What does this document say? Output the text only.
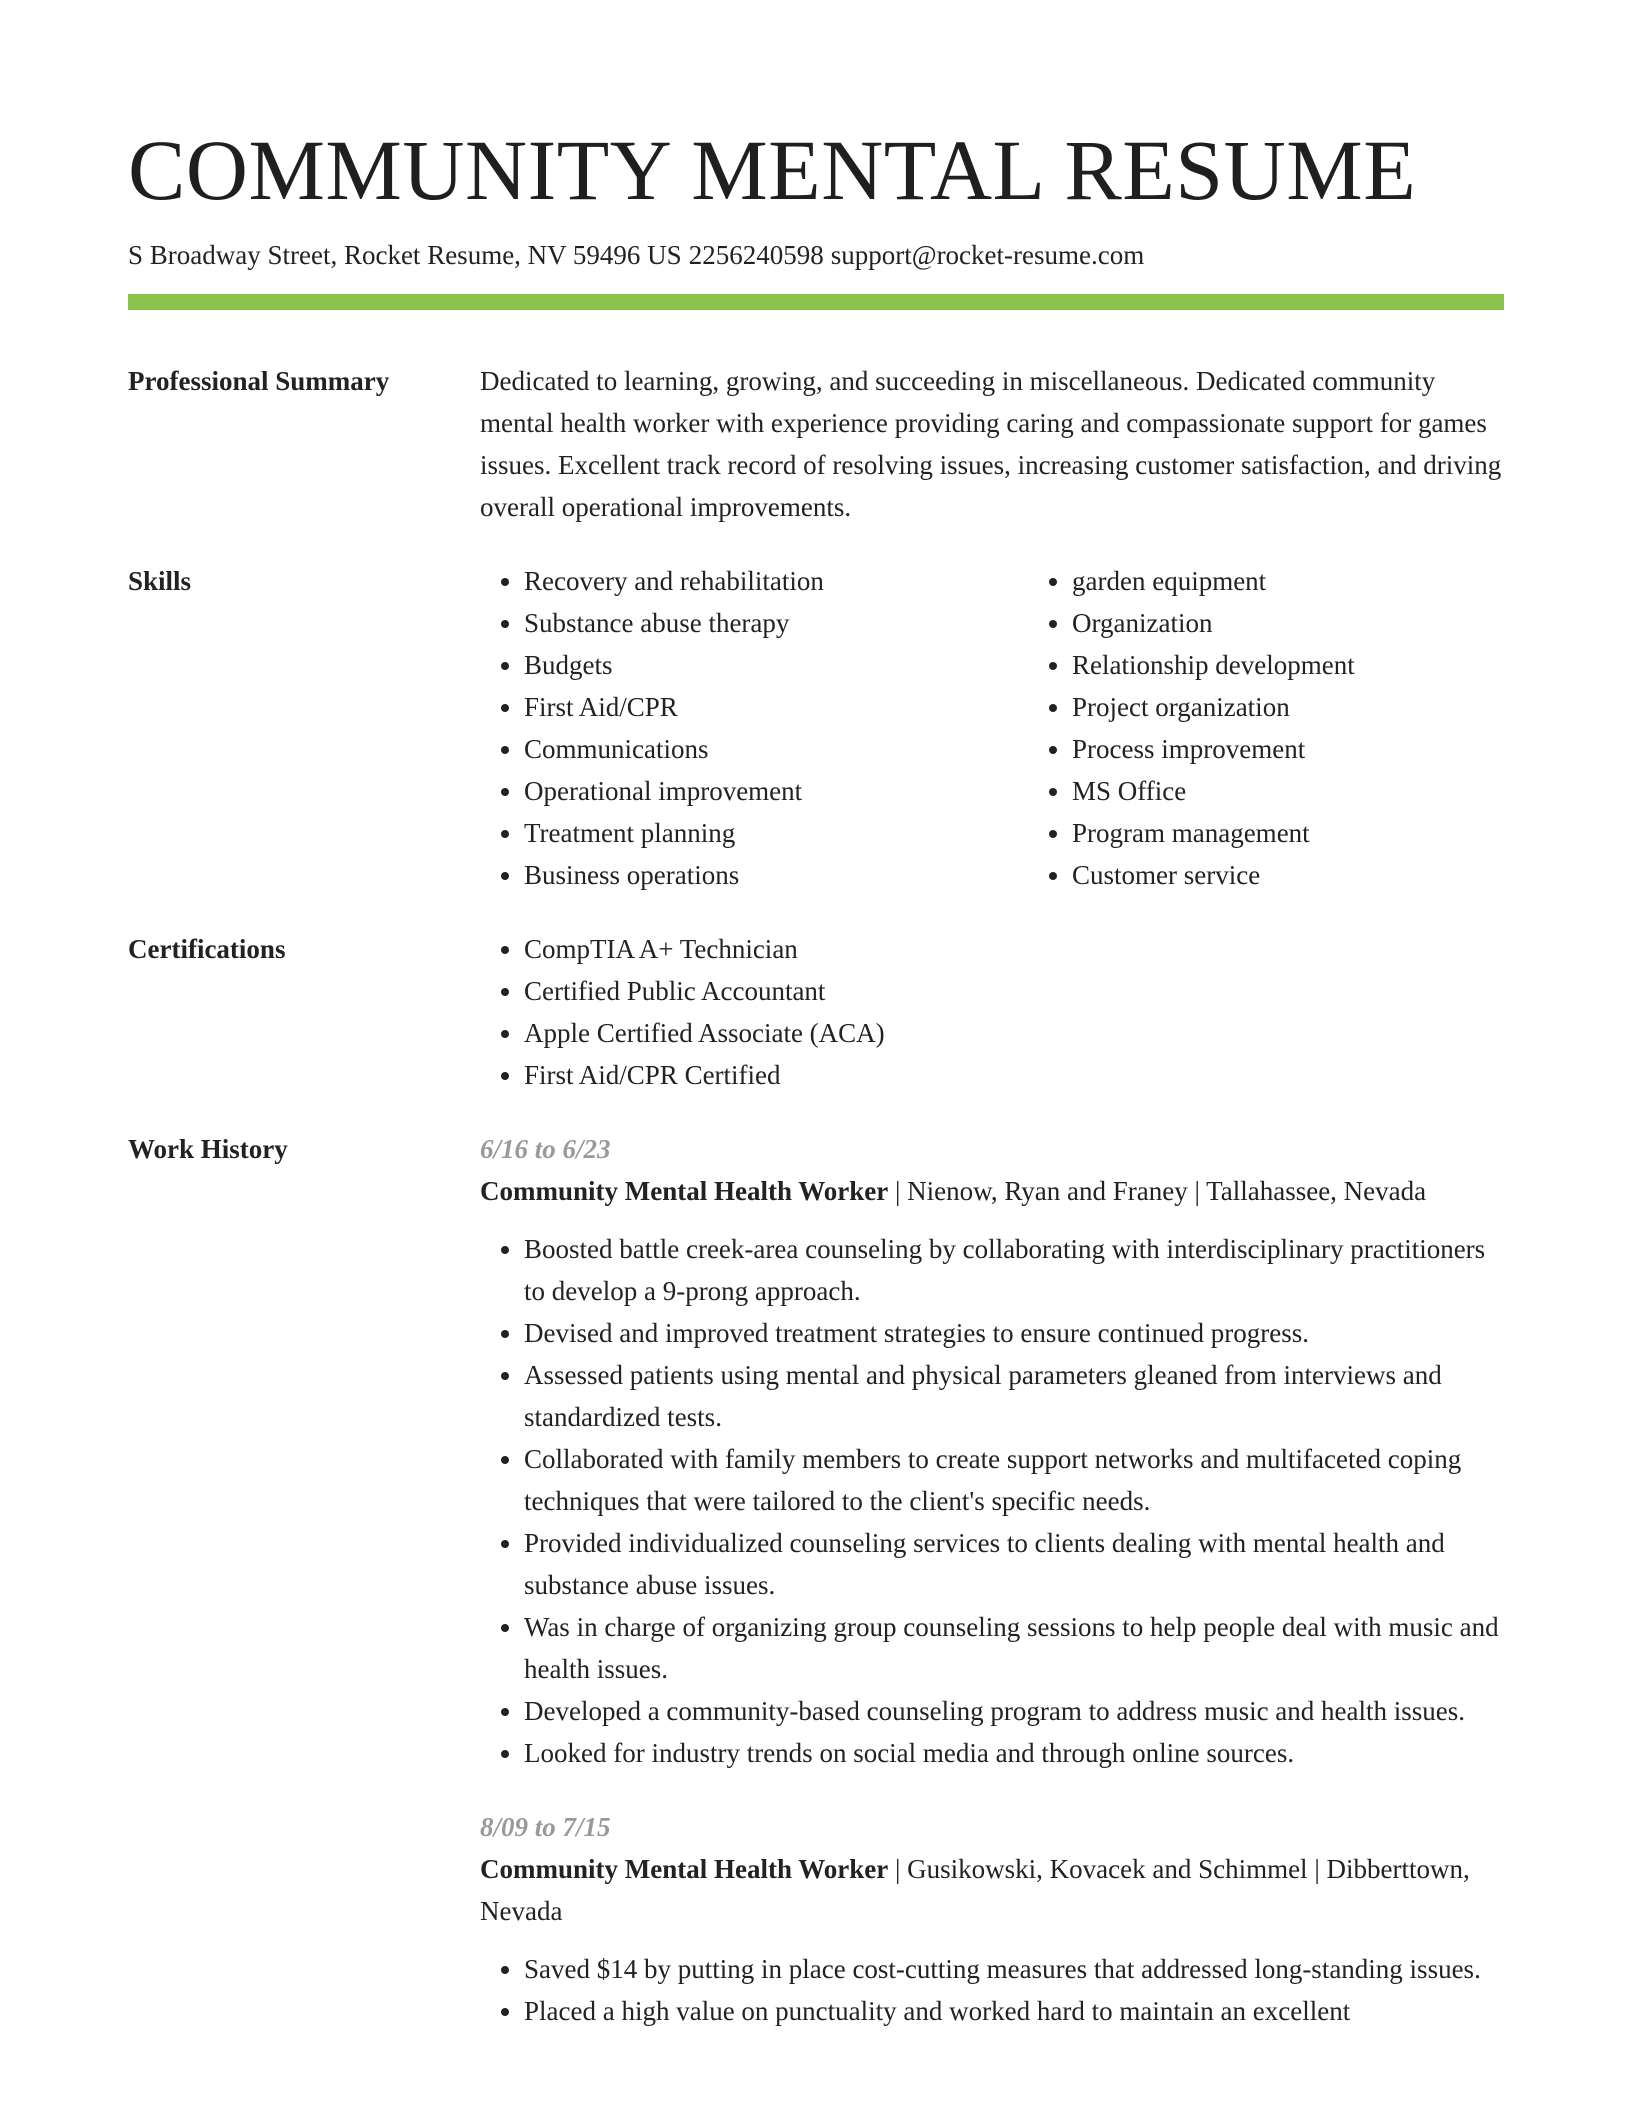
COMMUNITY MENTAL RESUME
S Broadway Street, Rocket Resume, NV 59496 US 2256240598 support@rocket-resume.com
Professional Summary	Dedicated to learning, growing, and succeeding in miscellaneous. Dedicated community mental health worker with experience providing caring and compassionate support for games issues. Excellent track record of resolving issues, increasing customer satisfaction, and driving overall operational improvements.

Skills	• Recovery and rehabilitation
• Substance abuse therapy
• Budgets
• First Aid/CPR
• Communications
• Operational improvement
• Treatment planning
• Business operations
• garden equipment
• Organization
• Relationship development
• Project organization
• Process improvement
• MS Office
• Program management
• Customer service
Certifications	• CompTIA A+ Technician
• Certified Public Accountant
• Apple Certified Associate (ACA)
• First Aid/CPR Certified
Work History	6/16 to 6/23
Community Mental Health Worker | Nienow, Ryan and Franey | Tallahassee, Nevada
• Boosted battle creek-area counseling by collaborating with interdisciplinary practitioners to develop a 9-prong approach.
• Devised and improved treatment strategies to ensure continued progress.
• Assessed patients using mental and physical parameters gleaned from interviews and standardized tests.
• Collaborated with family members to create support networks and multifaceted coping techniques that were tailored to the client's specific needs.
• Provided individualized counseling services to clients dealing with mental health and substance abuse issues.
• Was in charge of organizing group counseling sessions to help people deal with music and health issues.
• Developed a community-based counseling program to address music and health issues.
• Looked for industry trends on social media and through online sources.
8/09 to 7/15
Community Mental Health Worker | Gusikowski, Kovacek and Schimmel | Dibberttown, Nevada
• Saved $14 by putting in place cost-cutting measures that addressed long-standing issues.
• Placed a high value on punctuality and worked hard to maintain an excellent
